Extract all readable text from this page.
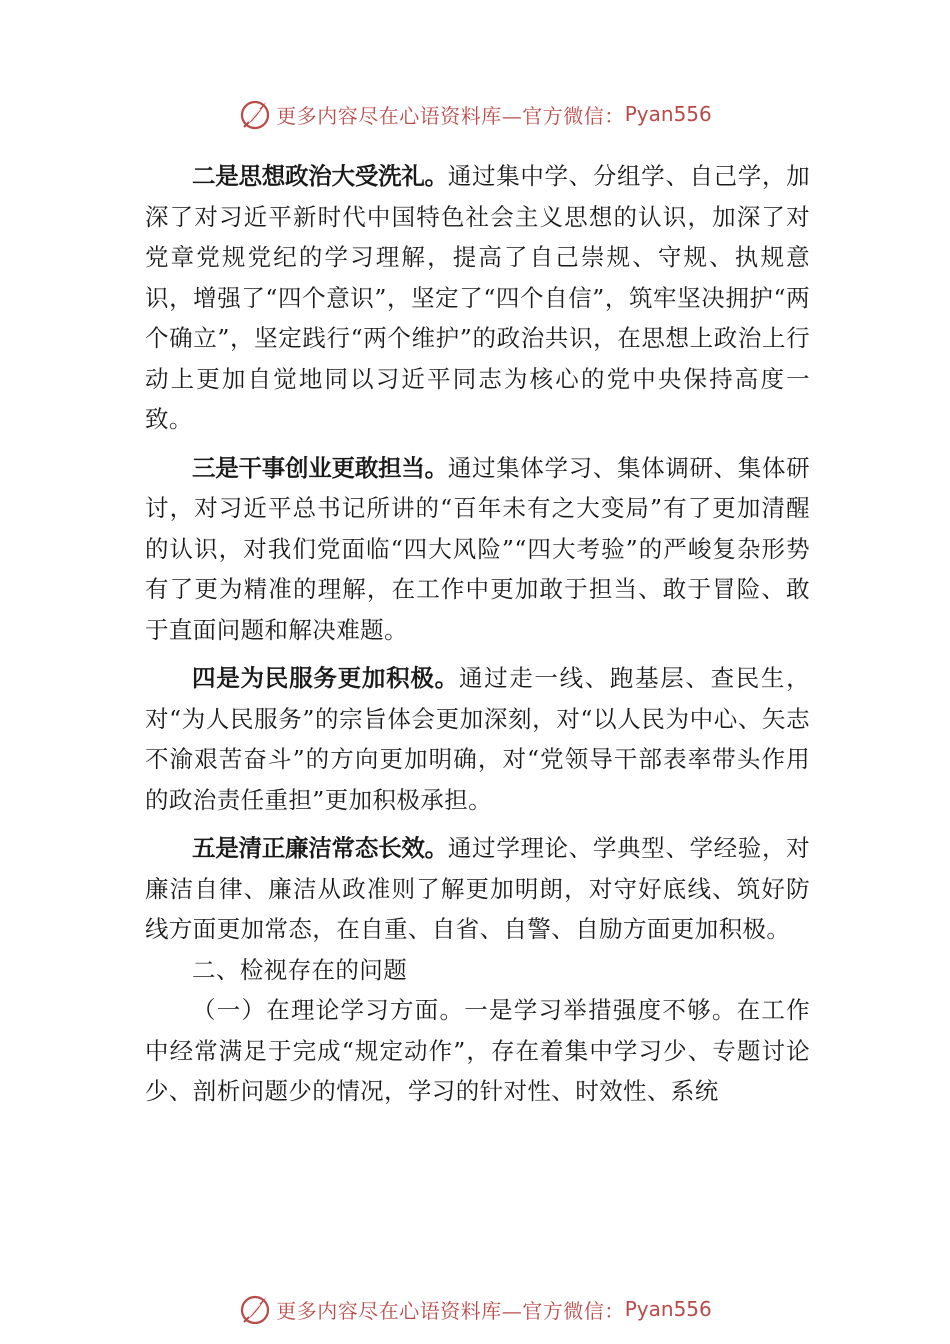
更多内容尽在心语资料库—官方微信： Pyan556

二是思想政治大受洗礼。通过集中学、分组学、自己学，加深了对习近平新时代中国特色社会主义思想的认识，加深了对党章党规党纪的学习理解，提高了自己崇规、守规、执规意识，增强了“四个意识”，坚定了“四个自信”，筑牢坚决拥护“两个确立”，坚定践行“两个维护”的政治共识，在思想上政治上行动上更加自觉地同以习近平同志为核心的党中央保持高度一致。

三是干事创业更敢担当。通过集体学习、集体调研、集体研讨，对习近平总书记所讲的“百年未有之大变局”有了更加清醒的认识，对我们党面临“四大风险”“四大考验”的严峻复杂形势有了更为精准的理解，在工作中更加敢于担当、敢于冒险、敢于直面问题和解决难题。

四是为民服务更加积极。通过走一线、跑基层、查民生，对“为人民服务”的宗旨体会更加深刻，对“以人民为中心、矢志不渝艰苦奋斗”的方向更加明确，对“党领导干部表率带头作用的政治责任重担”更加积极承担。

五是清正廉洁常态长效。通过学理论、学典型、学经验，对廉洁自律、廉洁从政准则了解更加明朗，对守好底线、筑好防线方面更加常态，在自重、自省、自警、自励方面更加积极。

二、检视存在的问题

（一）在理论学习方面。一是学习举措强度不够。在工作中经常满足于完成“规定动作”，存在着集中学习少、专题讨论少、剖析问题少的情况，学习的针对性、时效性、系统

更多内容尽在心语资料库—官方微信： Pyan556
